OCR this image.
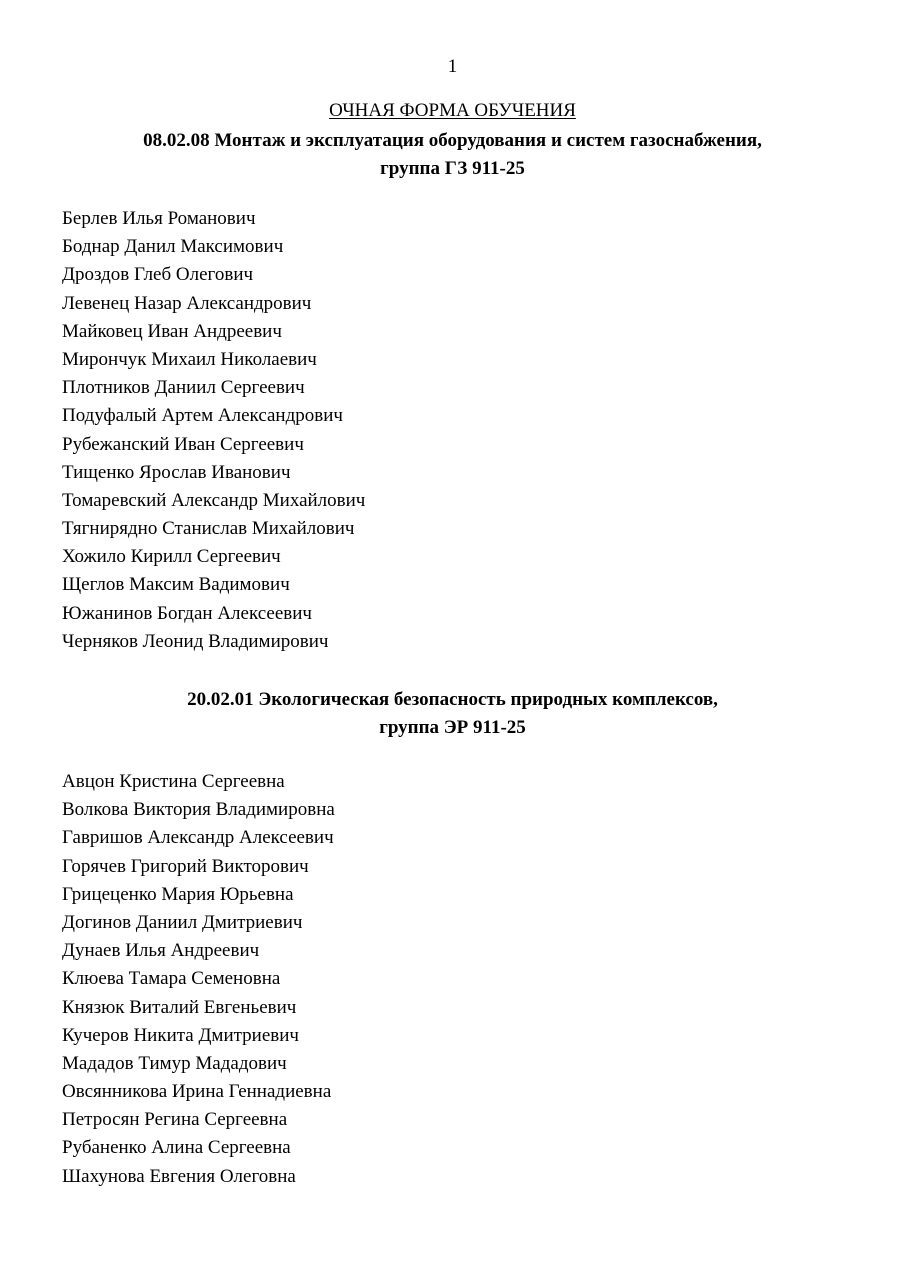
1
ОЧНАЯ ФОРМА ОБУЧЕНИЯ
08.02.08 Монтаж и эксплуатация оборудования и систем газоснабжения,
группа ГЗ 911-25
Берлев Илья Романович
Боднар Данил Максимович
Дроздов Глеб Олегович
Левенец Назар Александрович
Майковец Иван Андреевич
Мирончук Михаил Николаевич
Плотников Даниил Сергеевич
Подуфалый Артем Александрович
Рубежанский Иван Сергеевич
Тищенко Ярослав Иванович
Томаревский Александр Михайлович
Тягнирядно Станислав Михайлович
Хожило Кирилл Сергеевич
Щеглов Максим Вадимович
Южанинов Богдан Алексеевич
Черняков Леонид Владимирович
20.02.01 Экологическая безопасность природных комплексов,
группа ЭР 911-25
Авцон Кристина Сергеевна
Волкова Виктория Владимировна
Гавришов Александр Алексеевич
Горячев Григорий Викторович
Грицеценко Мария Юрьевна
Догинов Даниил Дмитриевич
Дунаев Илья Андреевич
Клюева Тамара Семеновна
Князюк Виталий Евгеньевич
Кучеров Никита Дмитриевич
Мададов Тимур Мададович
Овсянникова Ирина Геннадиевна
Петросян Регина Сергеевна
Рубаненко Алина Сергеевна
Шахунова Евгения Олеговна
